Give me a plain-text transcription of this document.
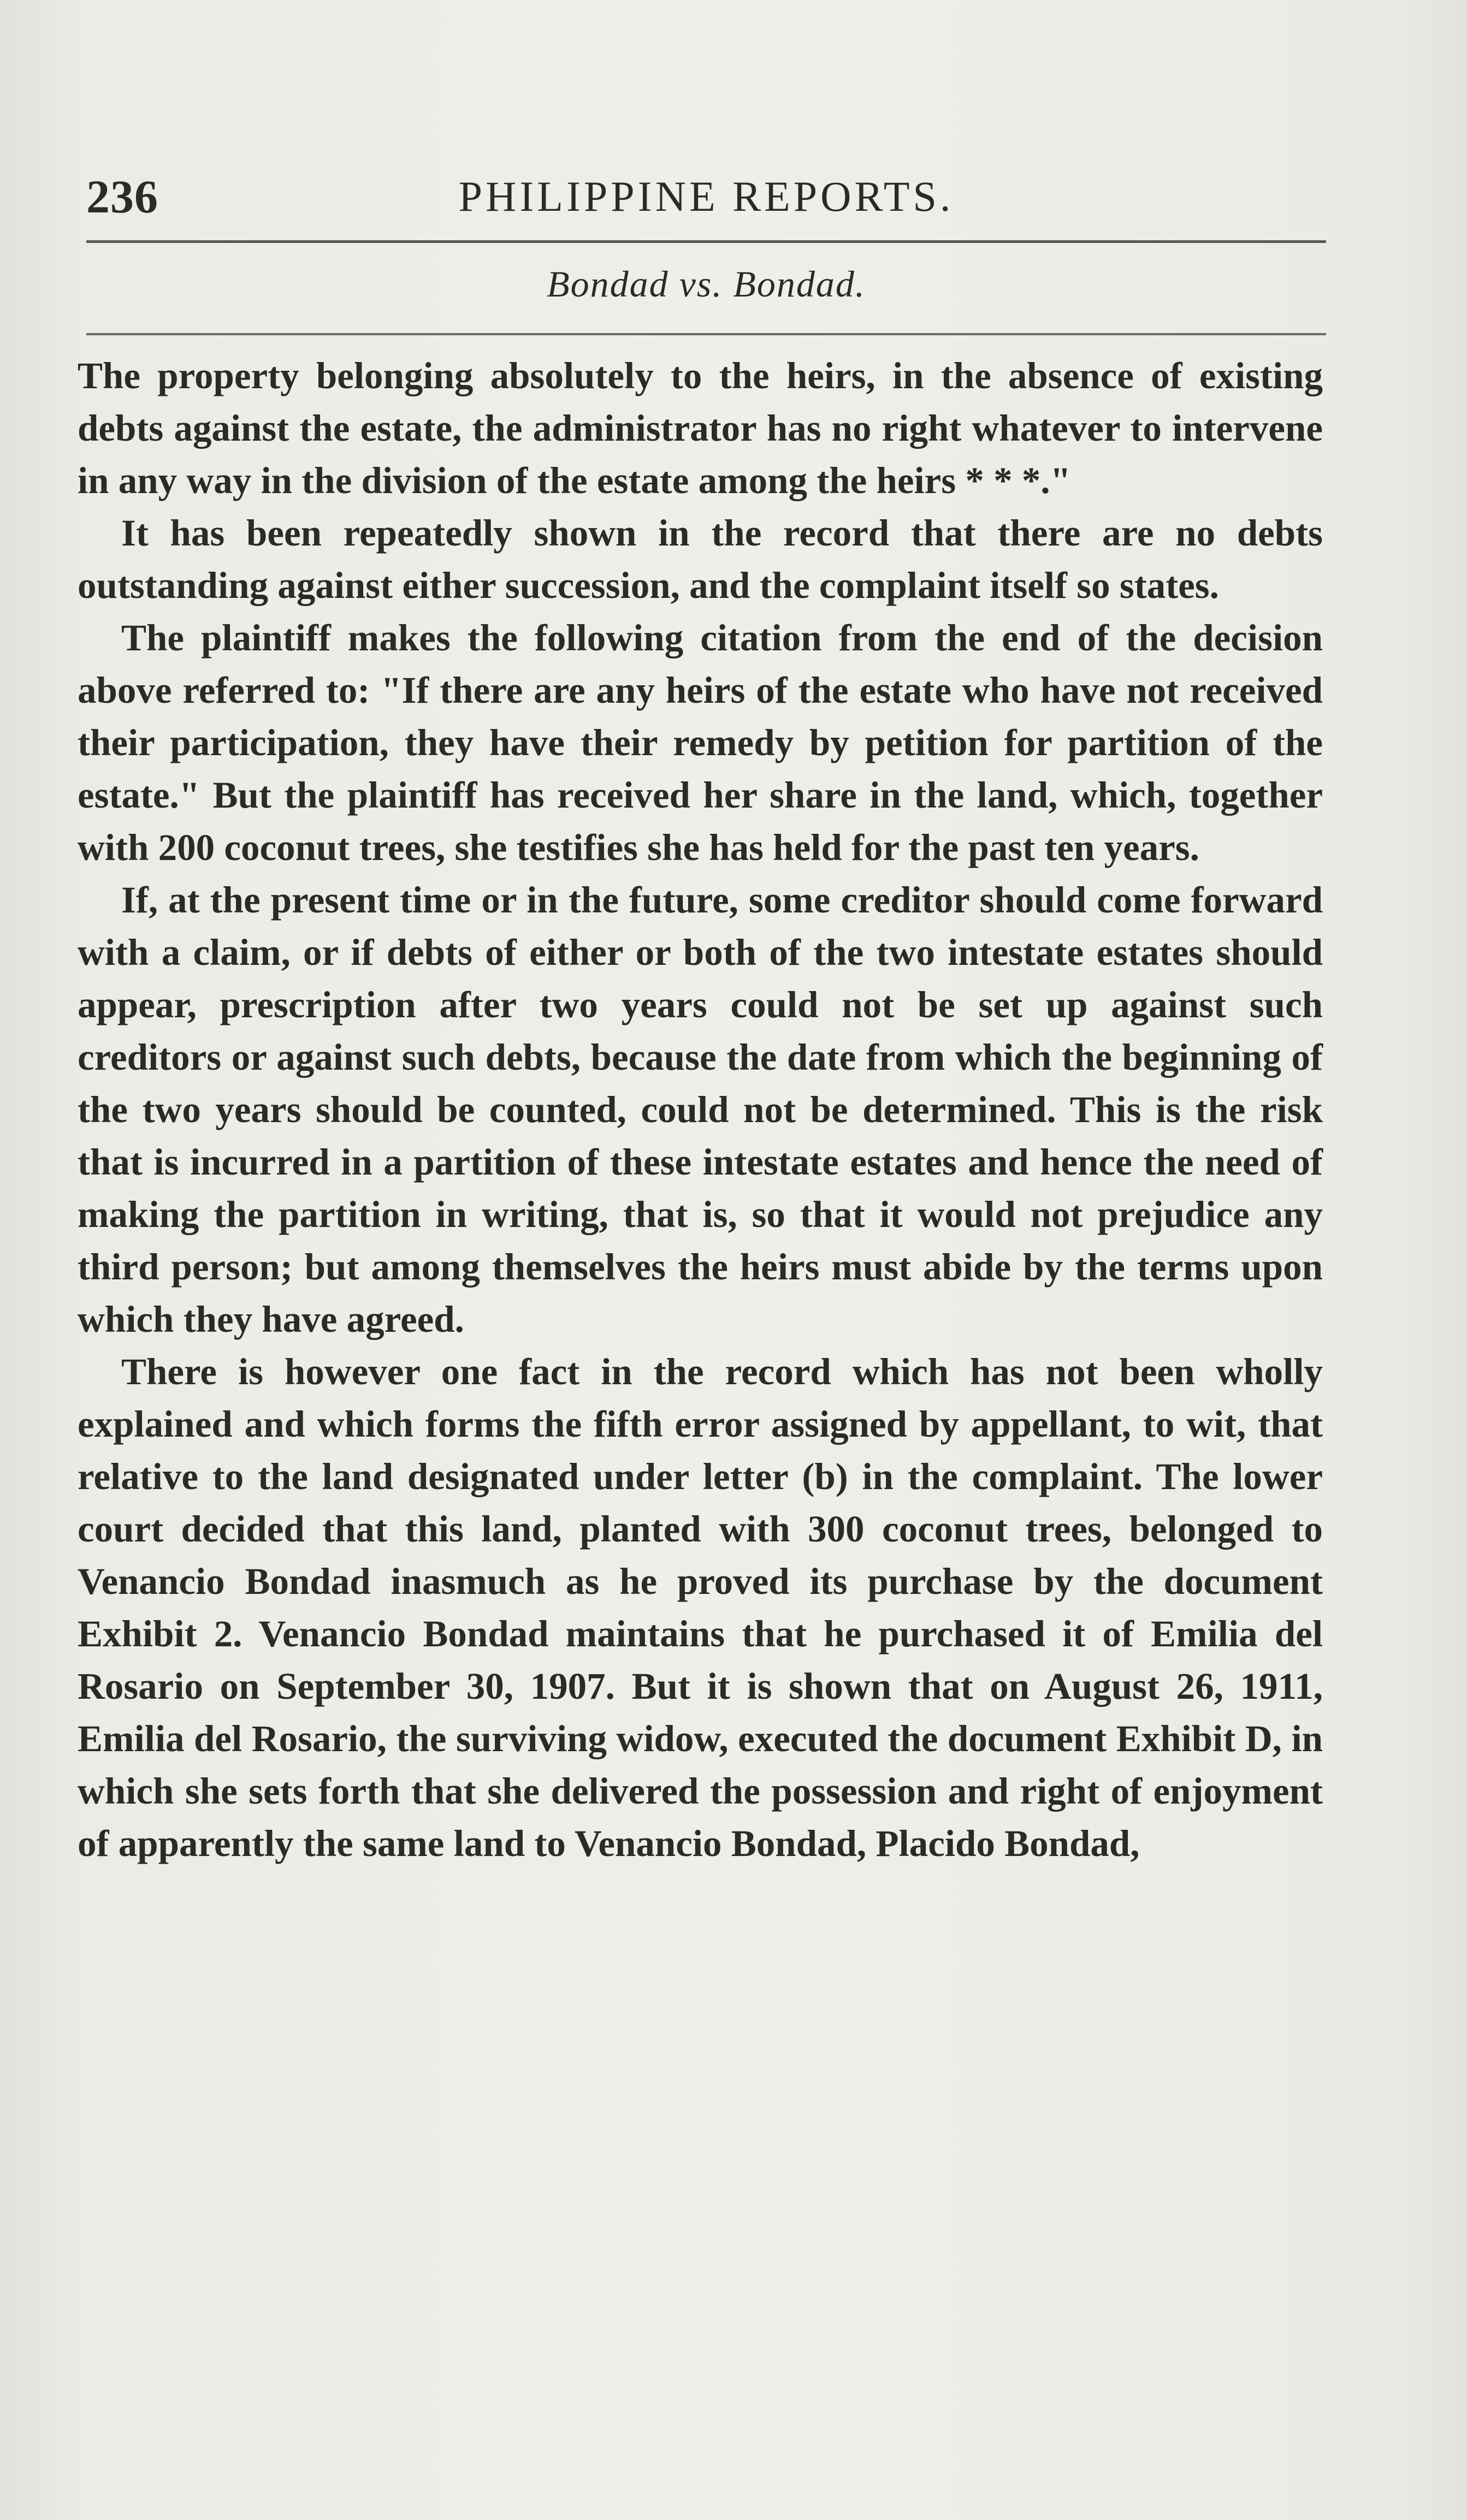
236	PHILIPPINE REPORTS.
Bondad vs. Bondad.

The property belonging absolutely to the heirs, in the absence of existing debts against the estate, the administrator has no right whatever to intervene in any way in the division of the estate among the heirs * * *."

It has been repeatedly shown in the record that there are no debts outstanding against either succession, and the complaint itself so states.

The plaintiff makes the following citation from the end of the decision above referred to: "If there are any heirs of the estate who have not received their participation, they have their remedy by petition for partition of the estate." But the plaintiff has received her share in the land, which, together with 200 coconut trees, she testifies she has held for the past ten years.

If, at the present time or in the future, some creditor should come forward with a claim, or if debts of either or both of the two intestate estates should appear, prescription after two years could not be set up against such creditors or against such debts, because the date from which the beginning of the two years should be counted, could not be determined. This is the risk that is incurred in a partition of these intestate estates and hence the need of making the partition in writing, that is, so that it would not prejudice any third person; but among themselves the heirs must abide by the terms upon which they have agreed.

There is however one fact in the record which has not been wholly explained and which forms the fifth error assigned by appellant, to wit, that relative to the land designated under letter (b) in the complaint. The lower court decided that this land, planted with 300 coconut trees, belonged to Venancio Bondad inasmuch as he proved its purchase by the document Exhibit 2. Venancio Bondad maintains that he purchased it of Emilia del Rosario on September 30, 1907. But it is shown that on August 26, 1911, Emilia del Rosario, the surviving widow, executed the document Exhibit D, in which she sets forth that she delivered the possession and right of enjoyment of apparently the same land to Venancio Bondad, Placido Bondad,
